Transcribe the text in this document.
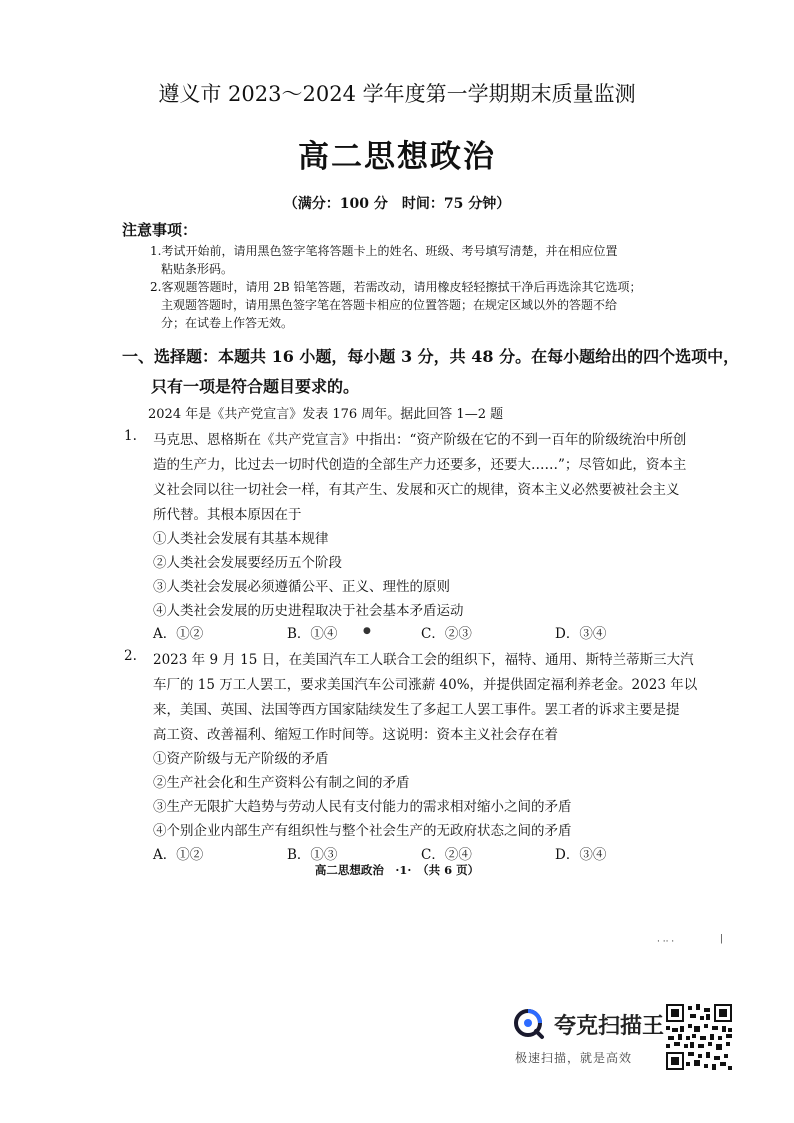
遵义市 2023～2024 学年度第一学期期末质量监测
高二思想政治
（满分：100 分　时间：75 分钟）
注意事项：
1.考试开始前，请用黑色签字笔将答题卡上的姓名、班级、考号填写清楚，并在相应位置
粘贴条形码。
2.客观题答题时，请用 2B 铅笔答题，若需改动，请用橡皮轻轻擦拭干净后再选涂其它选项；
主观题答题时，请用黑色签字笔在答题卡相应的位置答题；在规定区域以外的答题不给
分；在试卷上作答无效。
一、选择题：本题共 16 小题，每小题 3 分，共 48 分。在每小题给出的四个选项中，
只有一项是符合题目要求的。
2024 年是《共产党宣言》发表 176 周年。据此回答 1—2 题
1. 马克思、恩格斯在《共产党宣言》中指出：“资产阶级在它的不到一百年的阶级统治中所创
造的生产力，比过去一切时代创造的全部生产力还要多，还要大……”；尽管如此，资本主
义社会同以往一切社会一样，有其产生、发展和灭亡的规律，资本主义必然要被社会主义
所代替。其根本原因在于
①人类社会发展有其基本规律
②人类社会发展要经历五个阶段
③人类社会发展必须遵循公平、正义、理性的原则
④人类社会发展的历史进程取决于社会基本矛盾运动
A．①②	B．①④	●	C．②③	D．③④
2. 2023 年 9 月 15 日，在美国汽车工人联合工会的组织下，福特、通用、斯特兰蒂斯三大汽
车厂的 15 万工人罢工，要求美国汽车公司涨薪 40%，并提供固定福利养老金。2023 年以
来，美国、英国、法国等西方国家陆续发生了多起工人罢工事件。罢工者的诉求主要是提
高工资、改善福利、缩短工作时间等。这说明：资本主义社会存在着
①资产阶级与无产阶级的矛盾
②生产社会化和生产资料公有制之间的矛盾
③生产无限扩大趋势与劳动人民有支付能力的需求相对缩小之间的矛盾
④个别企业内部生产有组织性与整个社会生产的无政府状态之间的矛盾
A．①②	B．①③	C．②④	D．③④
高二思想政治　·1·　（共 6 页）
· ·· ·	|
夸克扫描王
极速扫描，就是高效
